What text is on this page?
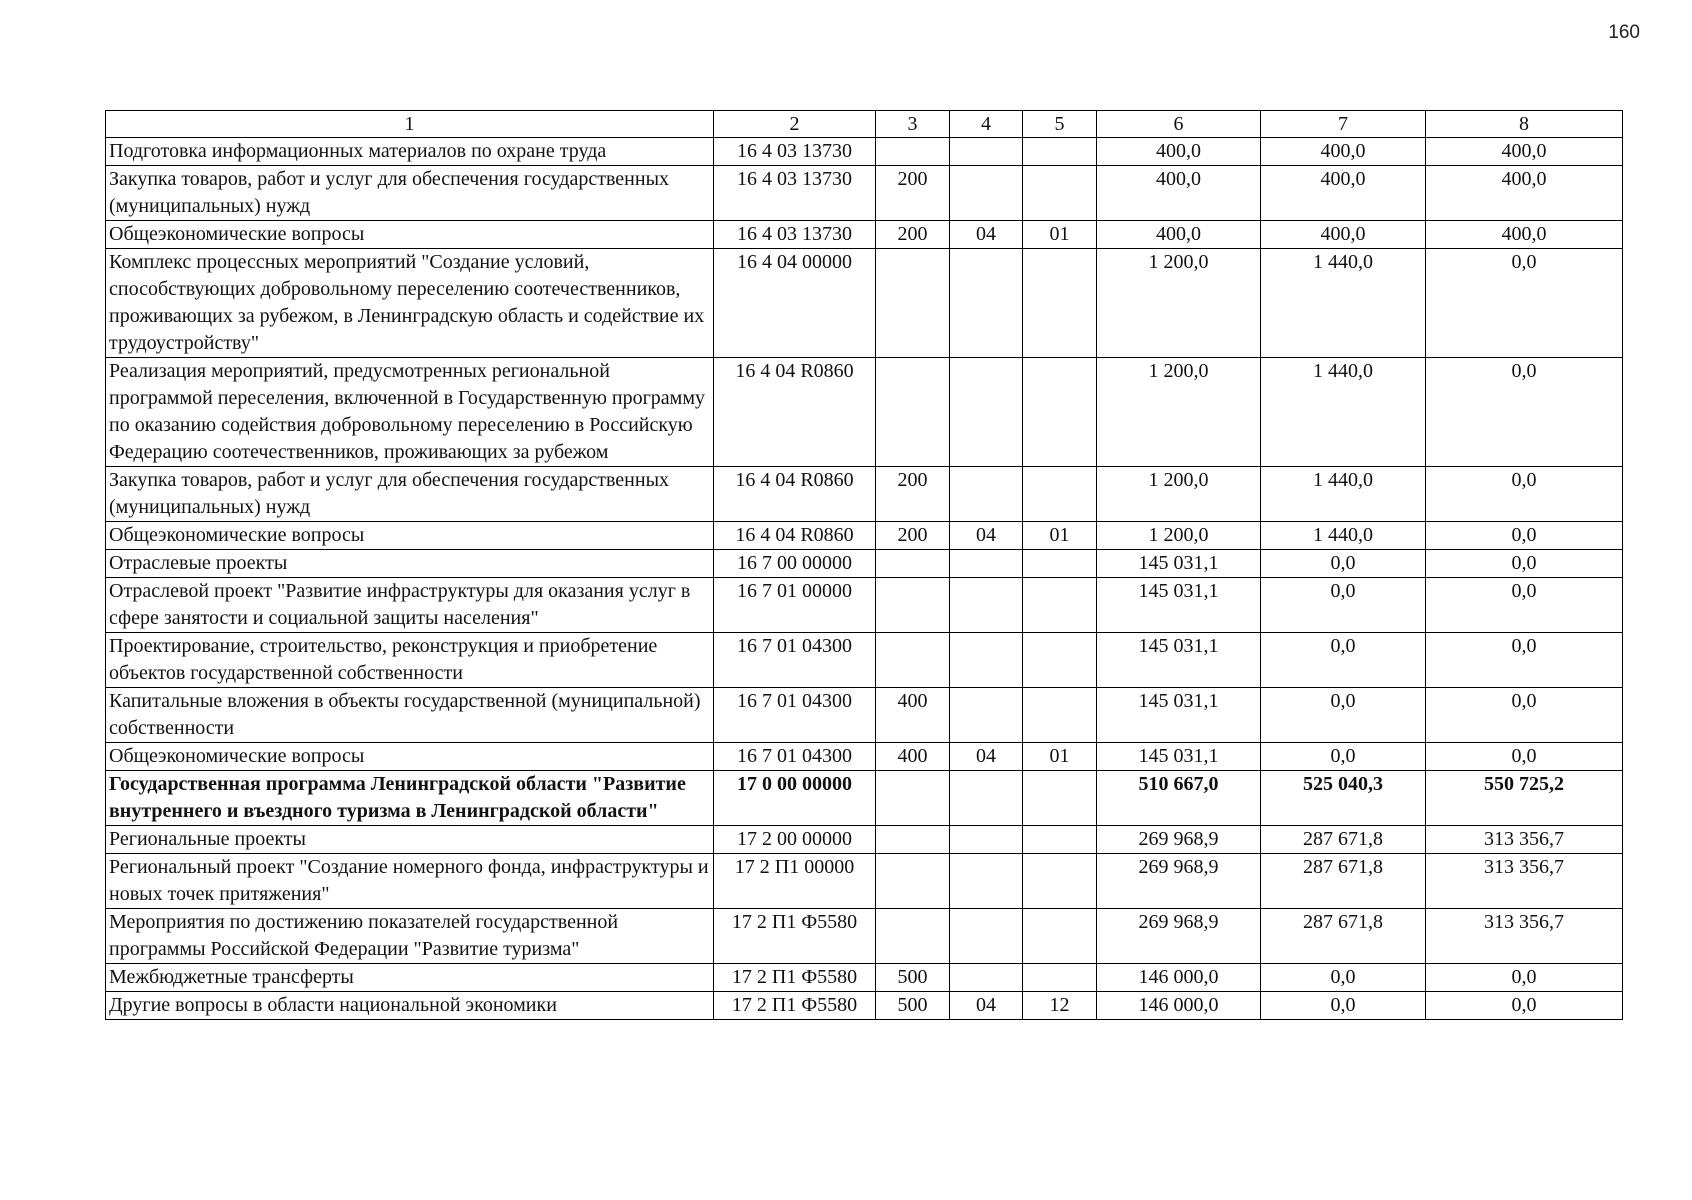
160
1	2	3	4	5	6	7	8
Подготовка информационных материалов по охране труда	16 4 03 13730				400,0	400,0	400,0
Закупка товаров, работ и услуг для обеспечения государственных (муниципальных) нужд	16 4 03 13730	200			400,0	400,0	400,0
Общеэкономические вопросы	16 4 03 13730	200	04	01	400,0	400,0	400,0
Комплекс процессных мероприятий "Создание условий, способствующих добровольному переселению соотечественников, проживающих за рубежом, в Ленинградскую область и содействие их трудоустройству"	16 4 04 00000				1 200,0	1 440,0	0,0
Реализация мероприятий, предусмотренных региональной программой переселения, включенной в Государственную программу по оказанию содействия добровольному переселению в Российскую Федерацию соотечественников, проживающих за рубежом	16 4 04 R0860				1 200,0	1 440,0	0,0
Закупка товаров, работ и услуг для обеспечения государственных (муниципальных) нужд	16 4 04 R0860	200			1 200,0	1 440,0	0,0
Общеэкономические вопросы	16 4 04 R0860	200	04	01	1 200,0	1 440,0	0,0
Отраслевые проекты	16 7 00 00000				145 031,1	0,0	0,0
Отраслевой проект "Развитие инфраструктуры для оказания услуг в сфере занятости и социальной защиты населения"	16 7 01 00000				145 031,1	0,0	0,0
Проектирование, строительство, реконструкция и приобретение объектов государственной собственности	16 7 01 04300				145 031,1	0,0	0,0
Капитальные вложения в объекты государственной (муниципальной) собственности	16 7 01 04300	400			145 031,1	0,0	0,0
Общеэкономические вопросы	16 7 01 04300	400	04	01	145 031,1	0,0	0,0
Государственная программа Ленинградской области "Развитие внутреннего и въездного туризма в Ленинградской области"	17 0 00 00000				510 667,0	525 040,3	550 725,2
Региональные проекты	17 2 00 00000				269 968,9	287 671,8	313 356,7
Региональный проект "Создание номерного фонда, инфраструктуры и новых точек притяжения"	17 2 П1 00000				269 968,9	287 671,8	313 356,7
Мероприятия по достижению показателей государственной программы Российской Федерации "Развитие туризма"	17 2 П1 Ф5580				269 968,9	287 671,8	313 356,7
Межбюджетные трансферты	17 2 П1 Ф5580	500			146 000,0	0,0	0,0
Другие вопросы в области национальной экономики	17 2 П1 Ф5580	500	04	12	146 000,0	0,0	0,0
